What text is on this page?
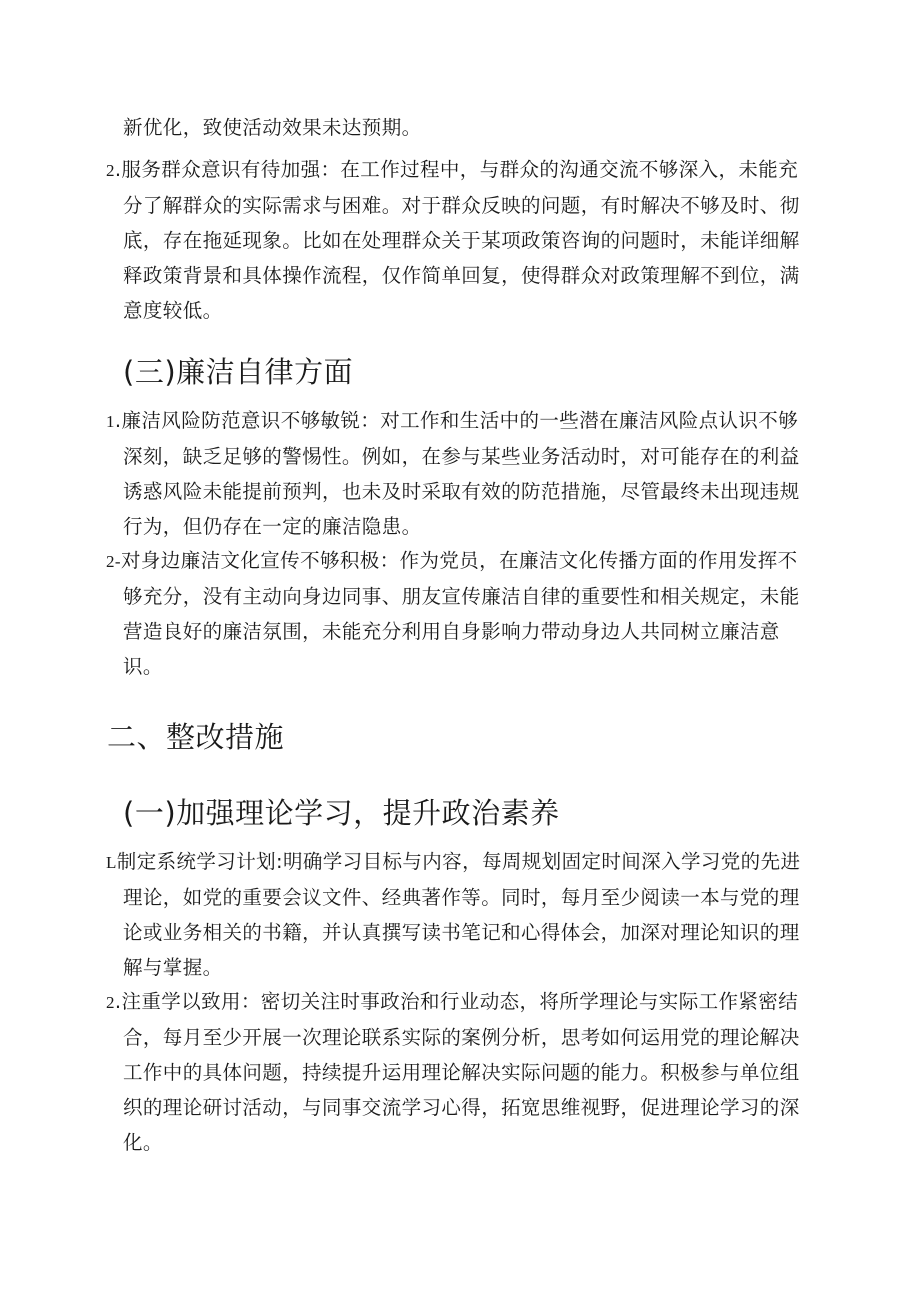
新优化，致使活动效果未达预期。
2.服务群众意识有待加强：在工作过程中，与群众的沟通交流不够深入，未能充分了解群众的实际需求与困难。对于群众反映的问题，有时解决不够及时、彻底，存在拖延现象。比如在处理群众关于某项政策咨询的问题时，未能详细解释政策背景和具体操作流程，仅作简单回复，使得群众对政策理解不到位，满意度较低。
(三)廉洁自律方面
1.廉洁风险防范意识不够敏锐：对工作和生活中的一些潜在廉洁风险点认识不够深刻，缺乏足够的警惕性。例如，在参与某些业务活动时，对可能存在的利益诱惑风险未能提前预判，也未及时采取有效的防范措施，尽管最终未出现违规行为，但仍存在一定的廉洁隐患。
2-对身边廉洁文化宣传不够积极：作为党员，在廉洁文化传播方面的作用发挥不够充分，没有主动向身边同事、朋友宣传廉洁自律的重要性和相关规定，未能营造良好的廉洁氛围，未能充分利用自身影响力带动身边人共同树立廉洁意识。
二、整改措施
(一)加强理论学习，提升政治素养
L制定系统学习计划:明确学习目标与内容，每周规划固定时间深入学习党的先进理论，如党的重要会议文件、经典著作等。同时，每月至少阅读一本与党的理论或业务相关的书籍，并认真撰写读书笔记和心得体会，加深对理论知识的理解与掌握。
2.注重学以致用：密切关注时事政治和行业动态，将所学理论与实际工作紧密结合，每月至少开展一次理论联系实际的案例分析，思考如何运用党的理论解决工作中的具体问题，持续提升运用理论解决实际问题的能力。积极参与单位组织的理论研讨活动，与同事交流学习心得，拓宽思维视野，促进理论学习的深化。
